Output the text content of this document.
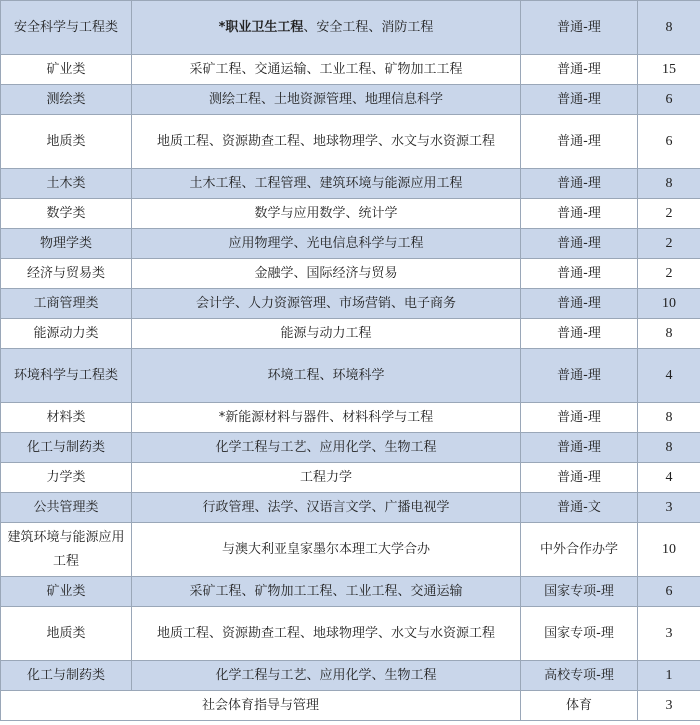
安全科学与工程类	*职业卫生工程、安全工程、消防工程	普通-理	8
矿业类	采矿工程、交通运输、工业工程、矿物加工工程	普通-理	15
测绘类	测绘工程、土地资源管理、地理信息科学	普通-理	6
地质类	地质工程、资源勘查工程、地球物理学、水文与水资源工程	普通-理	6
土木类	土木工程、工程管理、建筑环境与能源应用工程	普通-理	8
数学类	数学与应用数学、统计学	普通-理	2
物理学类	应用物理学、光电信息科学与工程	普通-理	2
经济与贸易类	金融学、国际经济与贸易	普通-理	2
工商管理类	会计学、人力资源管理、市场营销、电子商务	普通-理	10
能源动力类	能源与动力工程	普通-理	8
环境科学与工程类	环境工程、环境科学	普通-理	4
材料类	*新能源材料与器件、材料科学与工程	普通-理	8
化工与制药类	化学工程与工艺、应用化学、生物工程	普通-理	8
力学类	工程力学	普通-理	4
公共管理类	行政管理、法学、汉语言文学、广播电视学	普通-文	3
建筑环境与能源应用工程	与澳大利亚皇家墨尔本理工大学合办	中外合作办学	10
矿业类	采矿工程、矿物加工工程、工业工程、交通运输	国家专项-理	6
地质类	地质工程、资源勘查工程、地球物理学、水文与水资源工程	国家专项-理	3
化工与制药类	化学工程与工艺、应用化学、生物工程	高校专项-理	1
社会体育指导与管理		体育	3
